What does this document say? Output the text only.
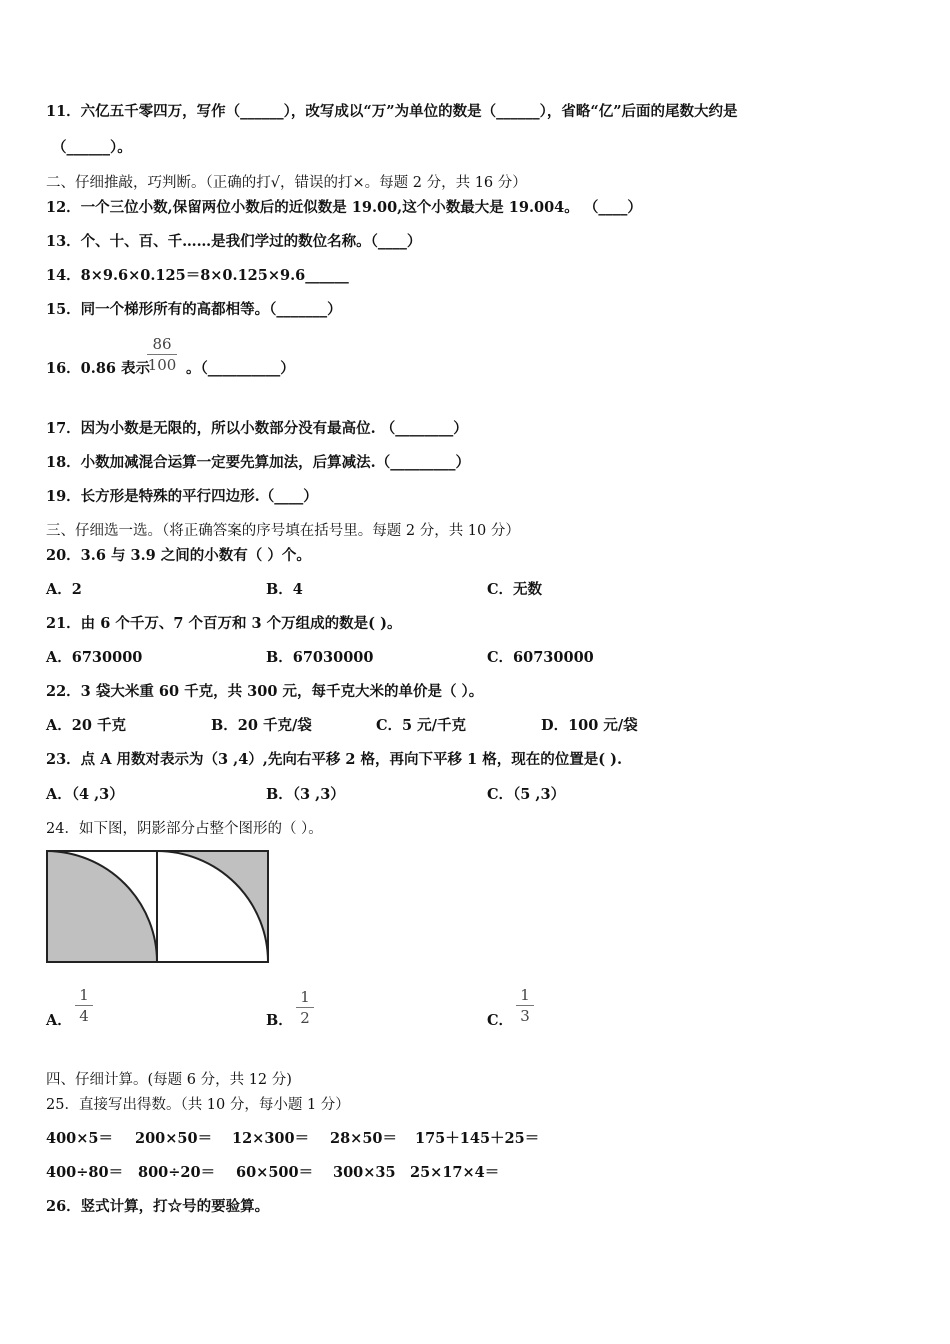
11．六亿五千零四万，写作（______），改写成以“万”为单位的数是（______），省略“亿”后面的尾数大约是
（______）。
二、仔细推敲，巧判断。（正确的打√，错误的打×。每题 2 分，共 16 分）
12．一个三位小数,保留两位小数后的近似数是 19.00,这个小数最大是 19.004。 （____）
13．个、十、百、千……是我们学过的数位名称。（____）
14．8×9.6×0.125＝8×0.125×9.6______
15．同一个梯形所有的高都相等。（_______）
16．0.86 表示 。（__________）
86
100
17．因为小数是无限的，所以小数部分没有最高位. （________）
18．小数加减混合运算一定要先算加法，后算减法.（_________）
19．长方形是特殊的平行四边形.（____）
三、仔细选一选。（将正确答案的序号填在括号里。每题 2 分，共 10 分）
20．3.6 与 3.9 之间的小数有（ ）个。
A．2	B．4	C．无数
21．由 6 个千万、7 个百万和 3 个万组成的数是( )。
A．6730000	B．67030000	C．60730000
22．3 袋大米重 60 千克，共 300 元，每千克大米的单价是（ ）。
A．20 千克	B．20 千克/袋	C．5 元/千克	D．100 元/袋
23．点 A 用数对表示为（3 ,4）,先向右平移 2 格，再向下平移 1 格，现在的位置是( ).
A．（4 ,3）	B．（3 ,3）	C．（5 ,3）
24．如下图，阴影部分占整个图形的（ ）。
A．
1
4	B．
1
2	C．
1
3
四、仔细计算。(每题 6 分，共 12 分)
25．直接写出得数。（共 10 分，每小题 1 分）
400×5＝ 200×50＝ 12×300＝ 28×50＝ 175＋145＋25＝
400÷80＝ 800÷20＝ 60×500＝ 300×35 25×17×4＝
26．竖式计算，打☆号的要验算。
